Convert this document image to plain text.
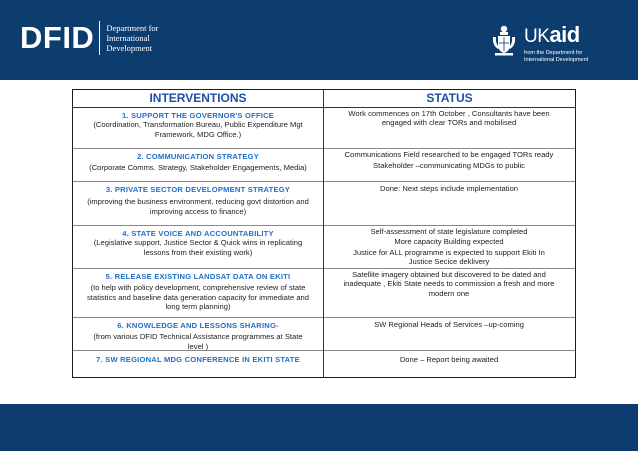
DFID Department for
International
Development
UKaid
from the Department for
International Development
INTERVENTIONS	STATUS
1. SUPPORT THE GOVERNOR'S OFFICE
(Coordination, Transformation Bureau, Public Expenditure Mgt
Framework, MDG Office.)
Work commences on 17th October , Consultants have been
engaged with clear TORs and mobilised
2. COMMUNICATION STRATEGY
(Corporate Comms. Strategy, Stakeholder Engagements, Media)
Communications Field researched to be engaged TORs ready
Stakeholder –communicating MDGs to public
3. PRIVATE SECTOR DEVELOPMENT STRATEGY
(improving the business environment, reducing govt distortion and
improving access to finance)
Done: Next steps include implementation
4. STATE VOICE AND ACCOUNTABILITY
(Legislative support, Justice Sector & Quick wins in replicating
lessons from their existing work)
Self-assessment of state legislature completed
More capacity Building expected
Justice for ALL programme is expected to support Ekiti In
Justice Secice deklivery
5. RELEASE EXISTING LANDSAT DATA ON EKITI
(to help with policy development, comprehensive review of state
statistics and baseline data generation capacity for immediate and
long term planning)
Satellite imagery obtained but discovered to be dated and
inadequate , Ekiti State needs to commission a fresh and more
modern one
6. KNOWLEDGE AND LESSONS SHARING-
(from various DFID Technical Assistance programmes at State
level )
SW Regional Heads of Services –up-coming
7. SW REGIONAL MDG CONFERENCE IN EKITI STATE	Done – Report being awaited
